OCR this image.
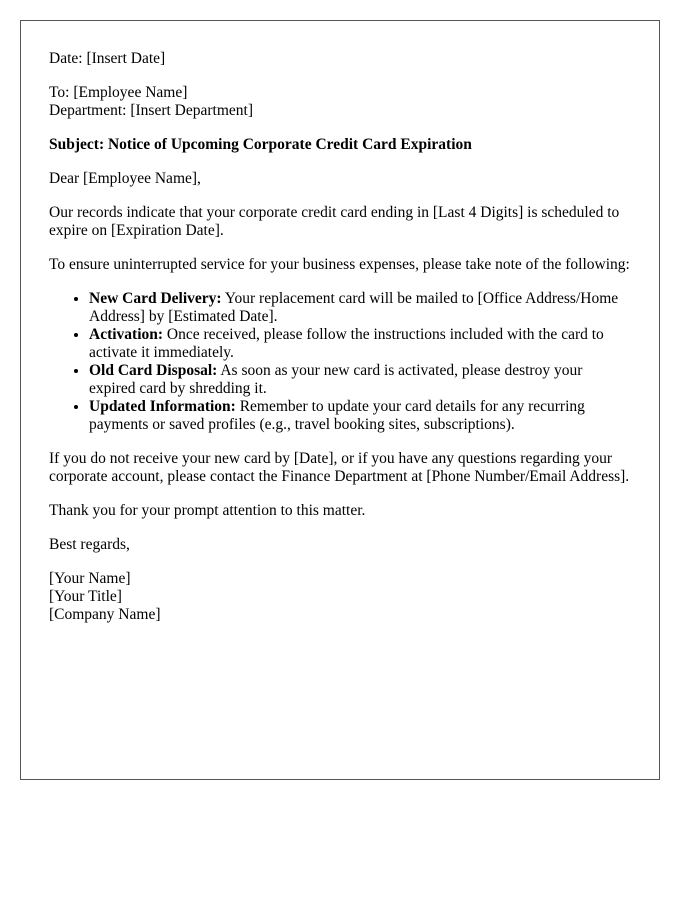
Date: [Insert Date]

To: [Employee Name]
Department: [Insert Department]

Subject: Notice of Upcoming Corporate Credit Card Expiration

Dear [Employee Name],

Our records indicate that your corporate credit card ending in [Last 4 Digits] is scheduled to expire on [Expiration Date].

To ensure uninterrupted service for your business expenses, please take note of the following:

• New Card Delivery: Your replacement card will be mailed to [Office Address/Home Address] by [Estimated Date].
• Activation: Once received, please follow the instructions included with the card to activate it immediately.
• Old Card Disposal: As soon as your new card is activated, please destroy your expired card by shredding it.
• Updated Information: Remember to update your card details for any recurring payments or saved profiles (e.g., travel booking sites, subscriptions).

If you do not receive your new card by [Date], or if you have any questions regarding your corporate account, please contact the Finance Department at [Phone Number/Email Address].

Thank you for your prompt attention to this matter.

Best regards,

[Your Name]

[Your Title]

[Company Name]
